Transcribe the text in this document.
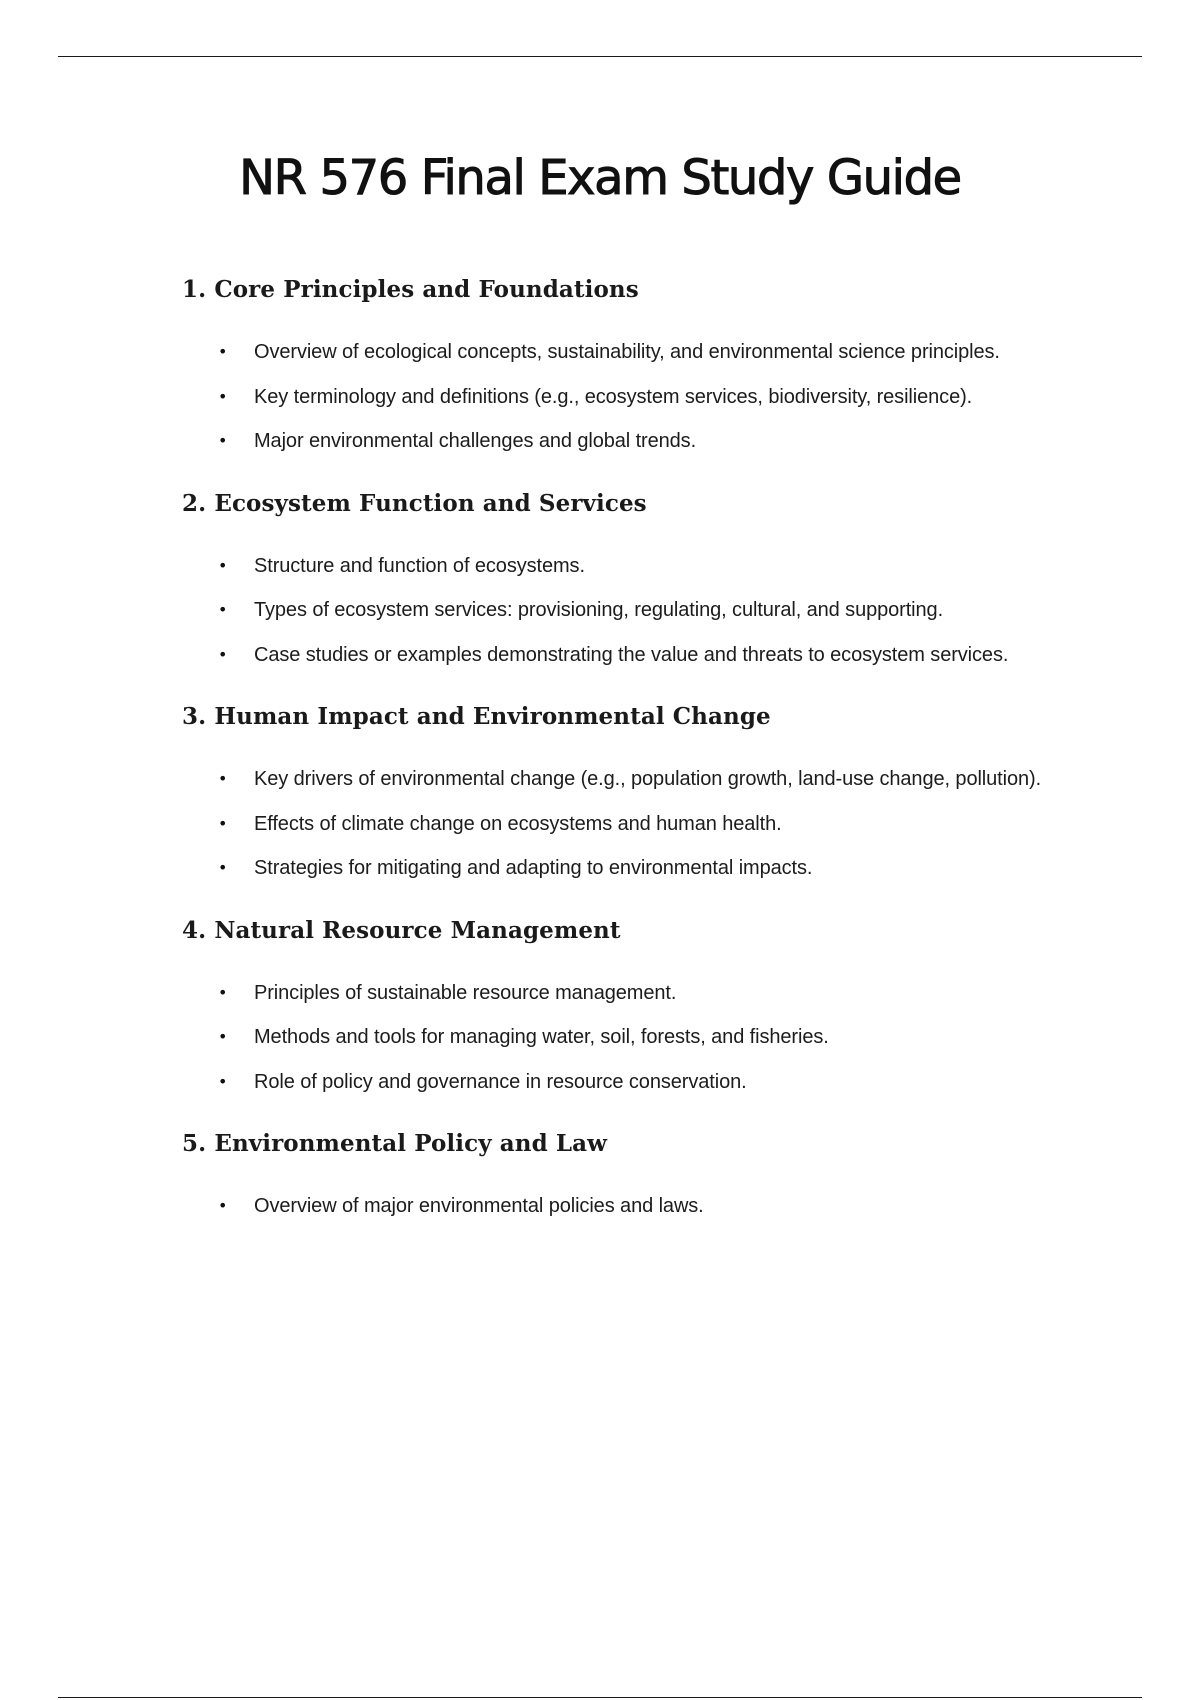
NR 576 Final Exam Study Guide
1. Core Principles and Foundations
• Overview of ecological concepts, sustainability, and environmental science principles.
• Key terminology and definitions (e.g., ecosystem services, biodiversity, resilience).
• Major environmental challenges and global trends.
2. Ecosystem Function and Services
• Structure and function of ecosystems.
• Types of ecosystem services: provisioning, regulating, cultural, and supporting.
• Case studies or examples demonstrating the value and threats to ecosystem services.
3. Human Impact and Environmental Change
• Key drivers of environmental change (e.g., population growth, land-use change, pollution).
• Effects of climate change on ecosystems and human health.
• Strategies for mitigating and adapting to environmental impacts.
4. Natural Resource Management
• Principles of sustainable resource management.
• Methods and tools for managing water, soil, forests, and fisheries.
• Role of policy and governance in resource conservation.
5. Environmental Policy and Law
• Overview of major environmental policies and laws.
